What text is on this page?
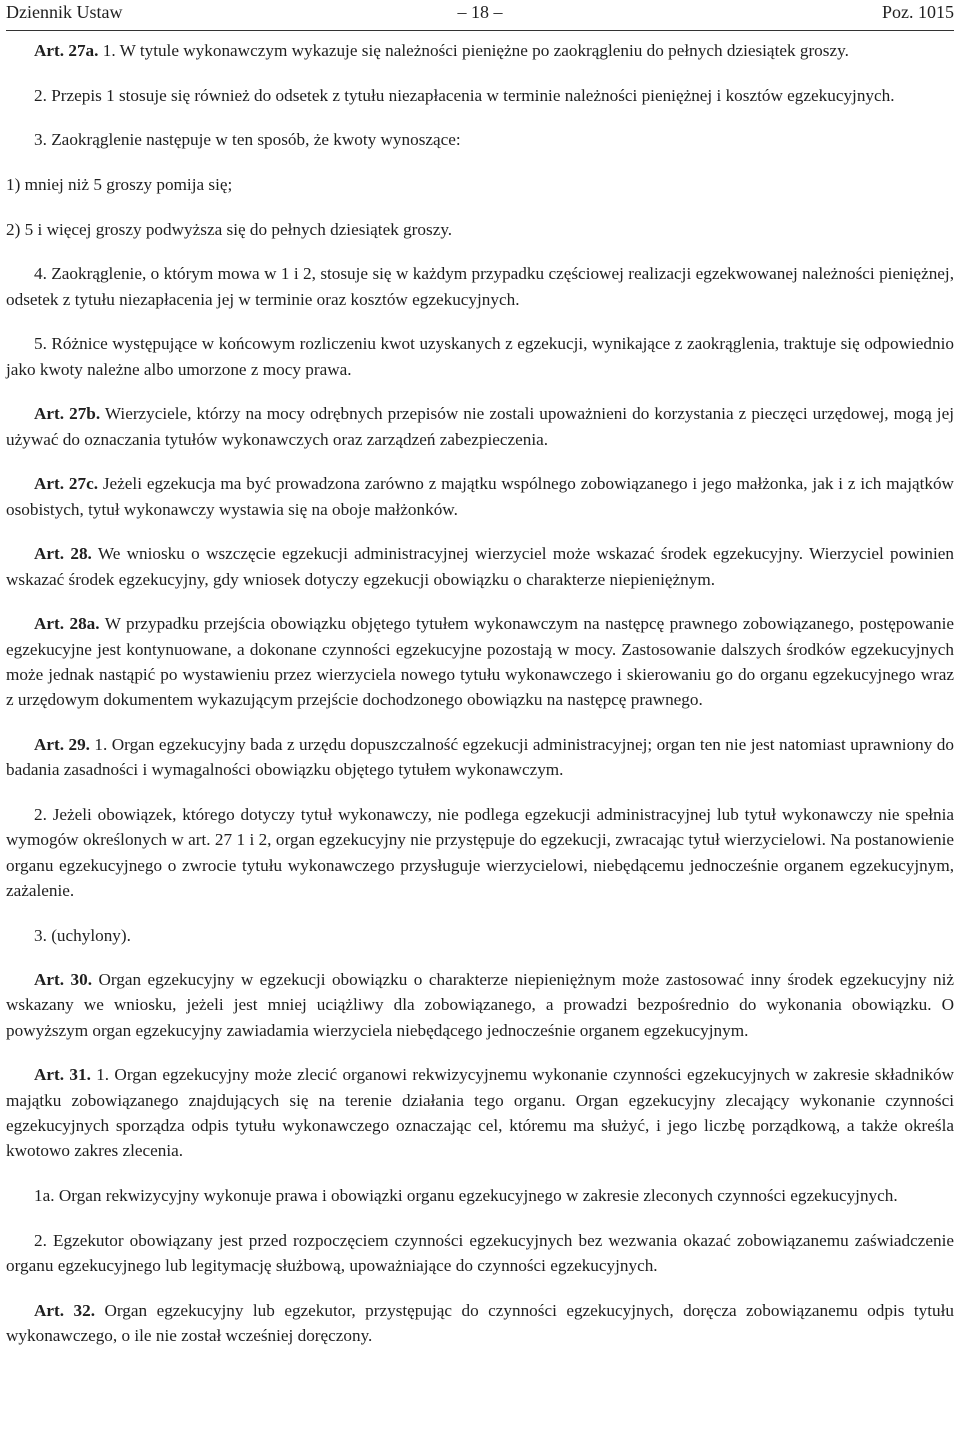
Dziennik Ustaw	– 18 –	Poz. 1015

Art. 27a. 1. W tytule wykonawczym wykazuje się należności pieniężne po zaokrągleniu do pełnych dziesiątek groszy.

2. Przepis 1 stosuje się również do odsetek z tytułu niezapłacenia w terminie należności pieniężnej i kosztów egzekucyjnych.

3. Zaokrąglenie następuje w ten sposób, że kwoty wynoszące:

1) mniej niż 5 groszy pomija się;

2) 5 i więcej groszy podwyższa się do pełnych dziesiątek groszy.

4. Zaokrąglenie, o którym mowa w 1 i 2, stosuje się w każdym przypadku częściowej realizacji egzekwowanej należności pieniężnej, odsetek z tytułu niezapłacenia jej w terminie oraz kosztów egzekucyjnych.

5. Różnice występujące w końcowym rozliczeniu kwot uzyskanych z egzekucji, wynikające z zaokrąglenia, traktuje się odpowiednio jako kwoty należne albo umorzone z mocy prawa.

Art. 27b. Wierzyciele, którzy na mocy odrębnych przepisów nie zostali upoważnieni do korzystania z pieczęci urzędowej, mogą jej używać do oznaczania tytułów wykonawczych oraz zarządzeń zabezpieczenia.

Art. 27c. Jeżeli egzekucja ma być prowadzona zarówno z majątku wspólnego zobowiązanego i jego małżonka, jak i z ich majątków osobistych, tytuł wykonawczy wystawia się na oboje małżonków.

Art. 28. We wniosku o wszczęcie egzekucji administracyjnej wierzyciel może wskazać środek egzekucyjny. Wierzyciel powinien wskazać środek egzekucyjny, gdy wniosek dotyczy egzekucji obowiązku o charakterze niepieniężnym.

Art. 28a. W przypadku przejścia obowiązku objętego tytułem wykonawczym na następcę prawnego zobowiązanego, postępowanie egzekucyjne jest kontynuowane, a dokonane czynności egzekucyjne pozostają w mocy. Zastosowanie dalszych środków egzekucyjnych może jednak nastąpić po wystawieniu przez wierzyciela nowego tytułu wykonawczego i skierowaniu go do organu egzekucyjnego wraz z urzędowym dokumentem wykazującym przejście dochodzonego obowiązku na następcę prawnego.

Art. 29. 1. Organ egzekucyjny bada z urzędu dopuszczalność egzekucji administracyjnej; organ ten nie jest natomiast uprawniony do badania zasadności i wymagalności obowiązku objętego tytułem wykonawczym.

2. Jeżeli obowiązek, którego dotyczy tytuł wykonawczy, nie podlega egzekucji administracyjnej lub tytuł wykonawczy nie spełnia wymogów określonych w art. 27 1 i 2, organ egzekucyjny nie przystępuje do egzekucji, zwracając tytuł wierzycielowi. Na postanowienie organu egzekucyjnego o zwrocie tytułu wykonawczego przysługuje wierzycielowi, niebędącemu jednocześnie organem egzekucyjnym, zażalenie.

3. (uchylony).

Art. 30. Organ egzekucyjny w egzekucji obowiązku o charakterze niepieniężnym może zastosować inny środek egzekucyjny niż wskazany we wniosku, jeżeli jest mniej uciążliwy dla zobowiązanego, a prowadzi bezpośrednio do wykonania obowiązku. O powyższym organ egzekucyjny zawiadamia wierzyciela niebędącego jednocześnie organem egzekucyjnym.

Art. 31. 1. Organ egzekucyjny może zlecić organowi rekwizycyjnemu wykonanie czynności egzekucyjnych w zakresie składników majątku zobowiązanego znajdujących się na terenie działania tego organu. Organ egzekucyjny zlecający wykonanie czynności egzekucyjnych sporządza odpis tytułu wykonawczego oznaczając cel, któremu ma służyć, i jego liczbę porządkową, a także określa kwotowo zakres zlecenia.

1a. Organ rekwizycyjny wykonuje prawa i obowiązki organu egzekucyjnego w zakresie zleconych czynności egzekucyjnych.

2. Egzekutor obowiązany jest przed rozpoczęciem czynności egzekucyjnych bez wezwania okazać zobowiązanemu zaświadczenie organu egzekucyjnego lub legitymację służbową, upoważniające do czynności egzekucyjnych.

Art. 32. Organ egzekucyjny lub egzekutor, przystępując do czynności egzekucyjnych, doręcza zobowiązanemu odpis tytułu wykonawczego, o ile nie został wcześniej doręczony.
